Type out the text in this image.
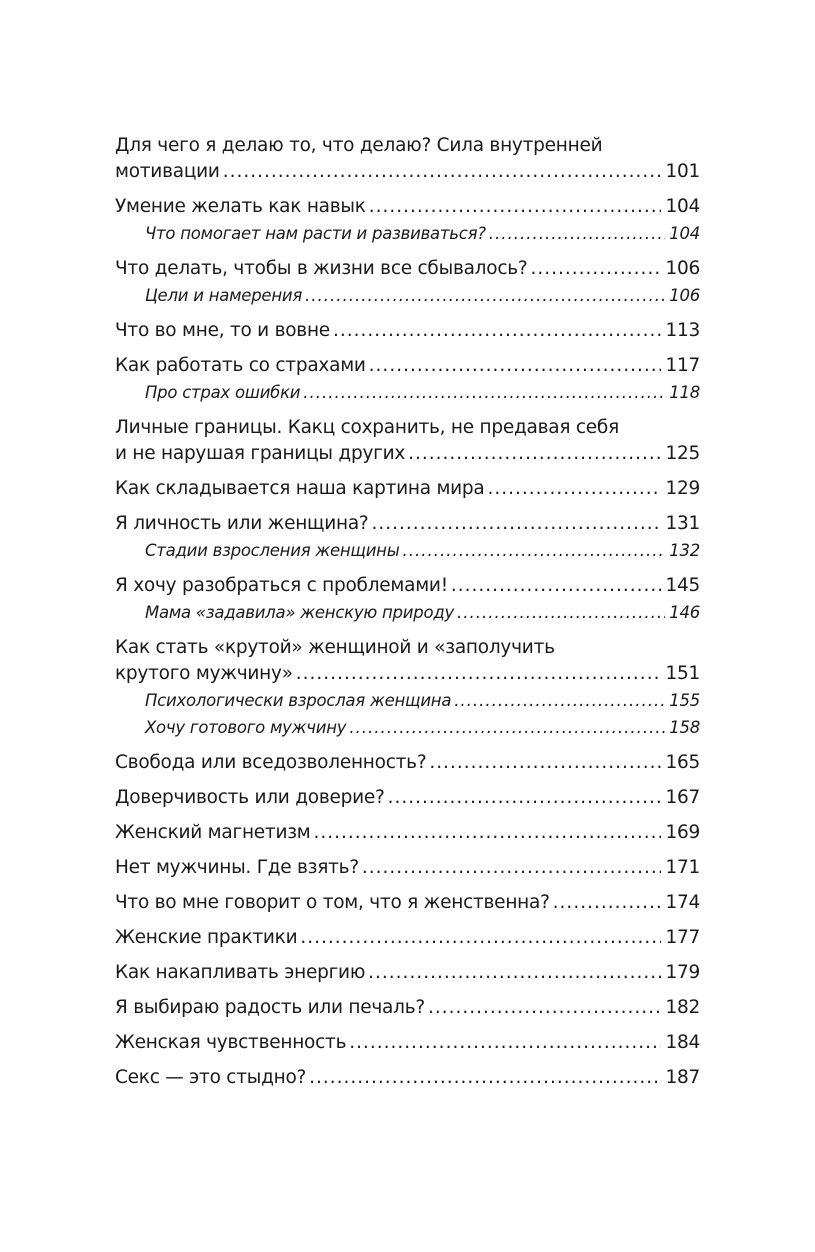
Для чего я делаю то, что делаю? Сила внутренней
мотивации .....	101
Умение желать как навык .....	104
Что помогает нам расти и развиваться? .....	104
Что делать, чтобы в жизни все сбывалось? .....	106
Цели и намерения .....	106
Что во мне, то и вовне .....	113
Как работать со страхами .....	117
Про страх ошибки .....	118
Личные границы. Какц сохранить, не предавая себя
и не нарушая границы других .....	125
Как складывается наша картина мира .....	129
Я личность или женщина? .....	131
Стадии взросления женщины .....	132
Я хочу разобраться с проблемами! .....	145
Мама «задавила» женскую природу .....	146
Как стать «крутой» женщиной и «заполучить
крутого мужчину» .....	151
Психологически взрослая женщина .....	155
Хочу готового мужчину .....	158
Свобода или вседозволенность? .....	165
Доверчивость или доверие? .....	167
Женский магнетизм .....	169
Нет мужчины. Где взять? .....	171
Что во мне говорит о том, что я женственна? .....	174
Женские практики .....	177
Как накапливать энергию .....	179
Я выбираю радость или печаль? .....	182
Женская чувственность .....	184
Секс — это стыдно? .....	187
